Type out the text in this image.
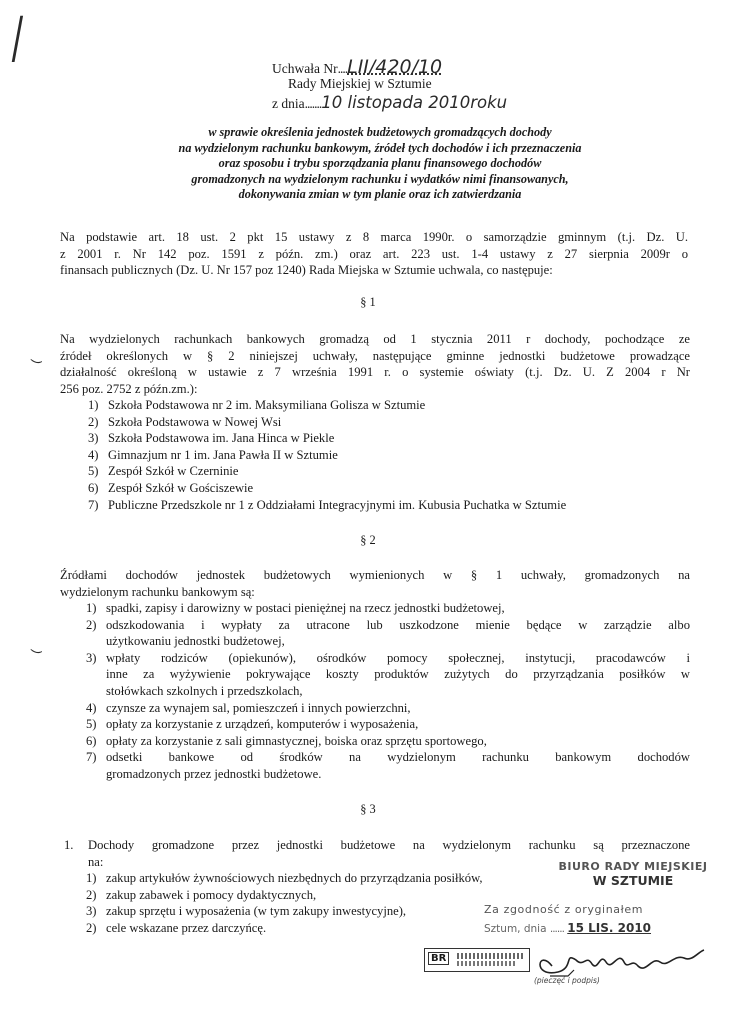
/	Uchwała Nr....LII/420/10
Rady Miejskiej w Sztumie
z dnia.......10 listopada 2010roku
w sprawie określenia jednostek budżetowych gromadzących dochody
na wydzielonym rachunku bankowym, źródeł tych dochodów i ich przeznaczenia
oraz sposobu i trybu sporządzania planu finansowego dochodów
gromadzonych na wydzielonym rachunku i wydatków nimi finansowanych,
dokonywania zmian w tym planie oraz ich zatwierdzania
Na podstawie art. 18 ust. 2 pkt 15 ustawy z 8 marca 1990r. o samorządzie gminnym (t.j. Dz. U.
z 2001 r. Nr 142 poz. 1591 z późn. zm.) oraz art. 223 ust. 1-4 ustawy z 27 sierpnia 2009r o
finansach publicznych (Dz. U. Nr 157 poz 1240) Rada Miejska w Sztumie uchwala, co następuje:
§ 1
Na wydzielonych rachunkach bankowych gromadzą od 1 stycznia 2011 r dochody, pochodzące ze
źródeł określonych w § 2 niniejszej uchwały, następujące gminne jednostki budżetowe prowadzące
działalność określoną w ustawie z 7 września 1991 r. o systemie oświaty (t.j. Dz. U. Z 2004 r Nr
256 poz. 2752 z późn.zm.):
1) Szkoła Podstawowa nr 2 im. Maksymiliana Golisza w Sztumie
2) Szkoła Podstawowa w Nowej Wsi
3) Szkoła Podstawowa im. Jana Hinca w Piekle
4) Gimnazjum nr 1 im. Jana Pawła II w Sztumie
5) Zespół Szkół w Czerninie
6) Zespół Szkół w Gościszewie
7) Publiczne Przedszkole nr 1 z Oddziałami Integracyjnymi im. Kubusia Puchatka w Sztumie
§ 2
Źródłami dochodów jednostek budżetowych wymienionych w § 1 uchwały, gromadzonych na
wydzielonym rachunku bankowym są:
1) spadki, zapisy i darowizny w postaci pieniężnej na rzecz jednostki budżetowej,
2) odszkodowania i wypłaty za utracone lub uszkodzone mienie będące w zarządzie albo
użytkowaniu jednostki budżetowej,
3) wpłaty rodziców (opiekunów), ośrodków pomocy społecznej, instytucji, pracodawców i
inne za wyżywienie pokrywające koszty produktów zużytych do przyrządzania posiłków w
stołówkach szkolnych i przedszkolach,
4) czynsze za wynajem sal, pomieszczeń i innych powierzchni,
5) opłaty za korzystanie z urządzeń, komputerów i wyposażenia,
6) opłaty za korzystanie z sali gimnastycznej, boiska oraz sprzętu sportowego,
7) odsetki bankowe od środków na wydzielonym rachunku bankowym dochodów
gromadzonych przez jednostki budżetowe.
§ 3
1.	Dochody gromadzone przez jednostki budżetowe na wydzielonym rachunku są przeznaczone
na:
1) zakup artykułów żywnościowych niezbędnych do przyrządzania posiłków,
2) zakup zabawek i pomocy dydaktycznych,
3) zakup sprzętu i wyposażenia (w tym zakupy inwestycyjne),
2) cele wskazane przez darczyńcę.
BIURO RADY MIEJSKIEJ
W SZTUMIE
Za zgodność z oryginałem
Sztum, dnia ...... 15 LIS. 2010
BR
(pieczęć i podpis)
)
)
